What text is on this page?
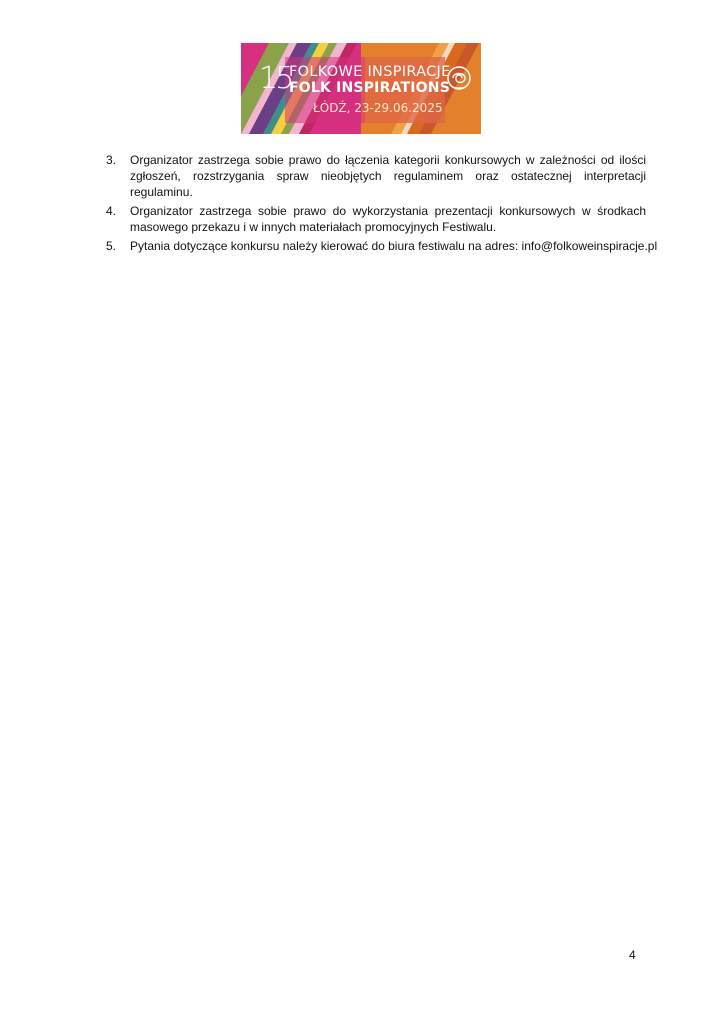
15
FOLKOWE INSPIRACJE
FOLK INSPIRATIONS
ŁÓDŹ, 23-29.06.2025
3.	Organizator zastrzega sobie prawo do łączenia kategorii konkursowych w zależności od ilości zgłoszeń, rozstrzygania spraw nieobjętych regulaminem oraz ostatecznej interpretacji regulaminu.
4.	Organizator zastrzega sobie prawo do wykorzystania prezentacji konkursowych w środkach masowego przekazu i w innych materiałach promocyjnych Festiwalu.
5.	Pytania dotyczące konkursu należy kierować do biura festiwalu na adres: info@folkoweinspiracje.pl
4
